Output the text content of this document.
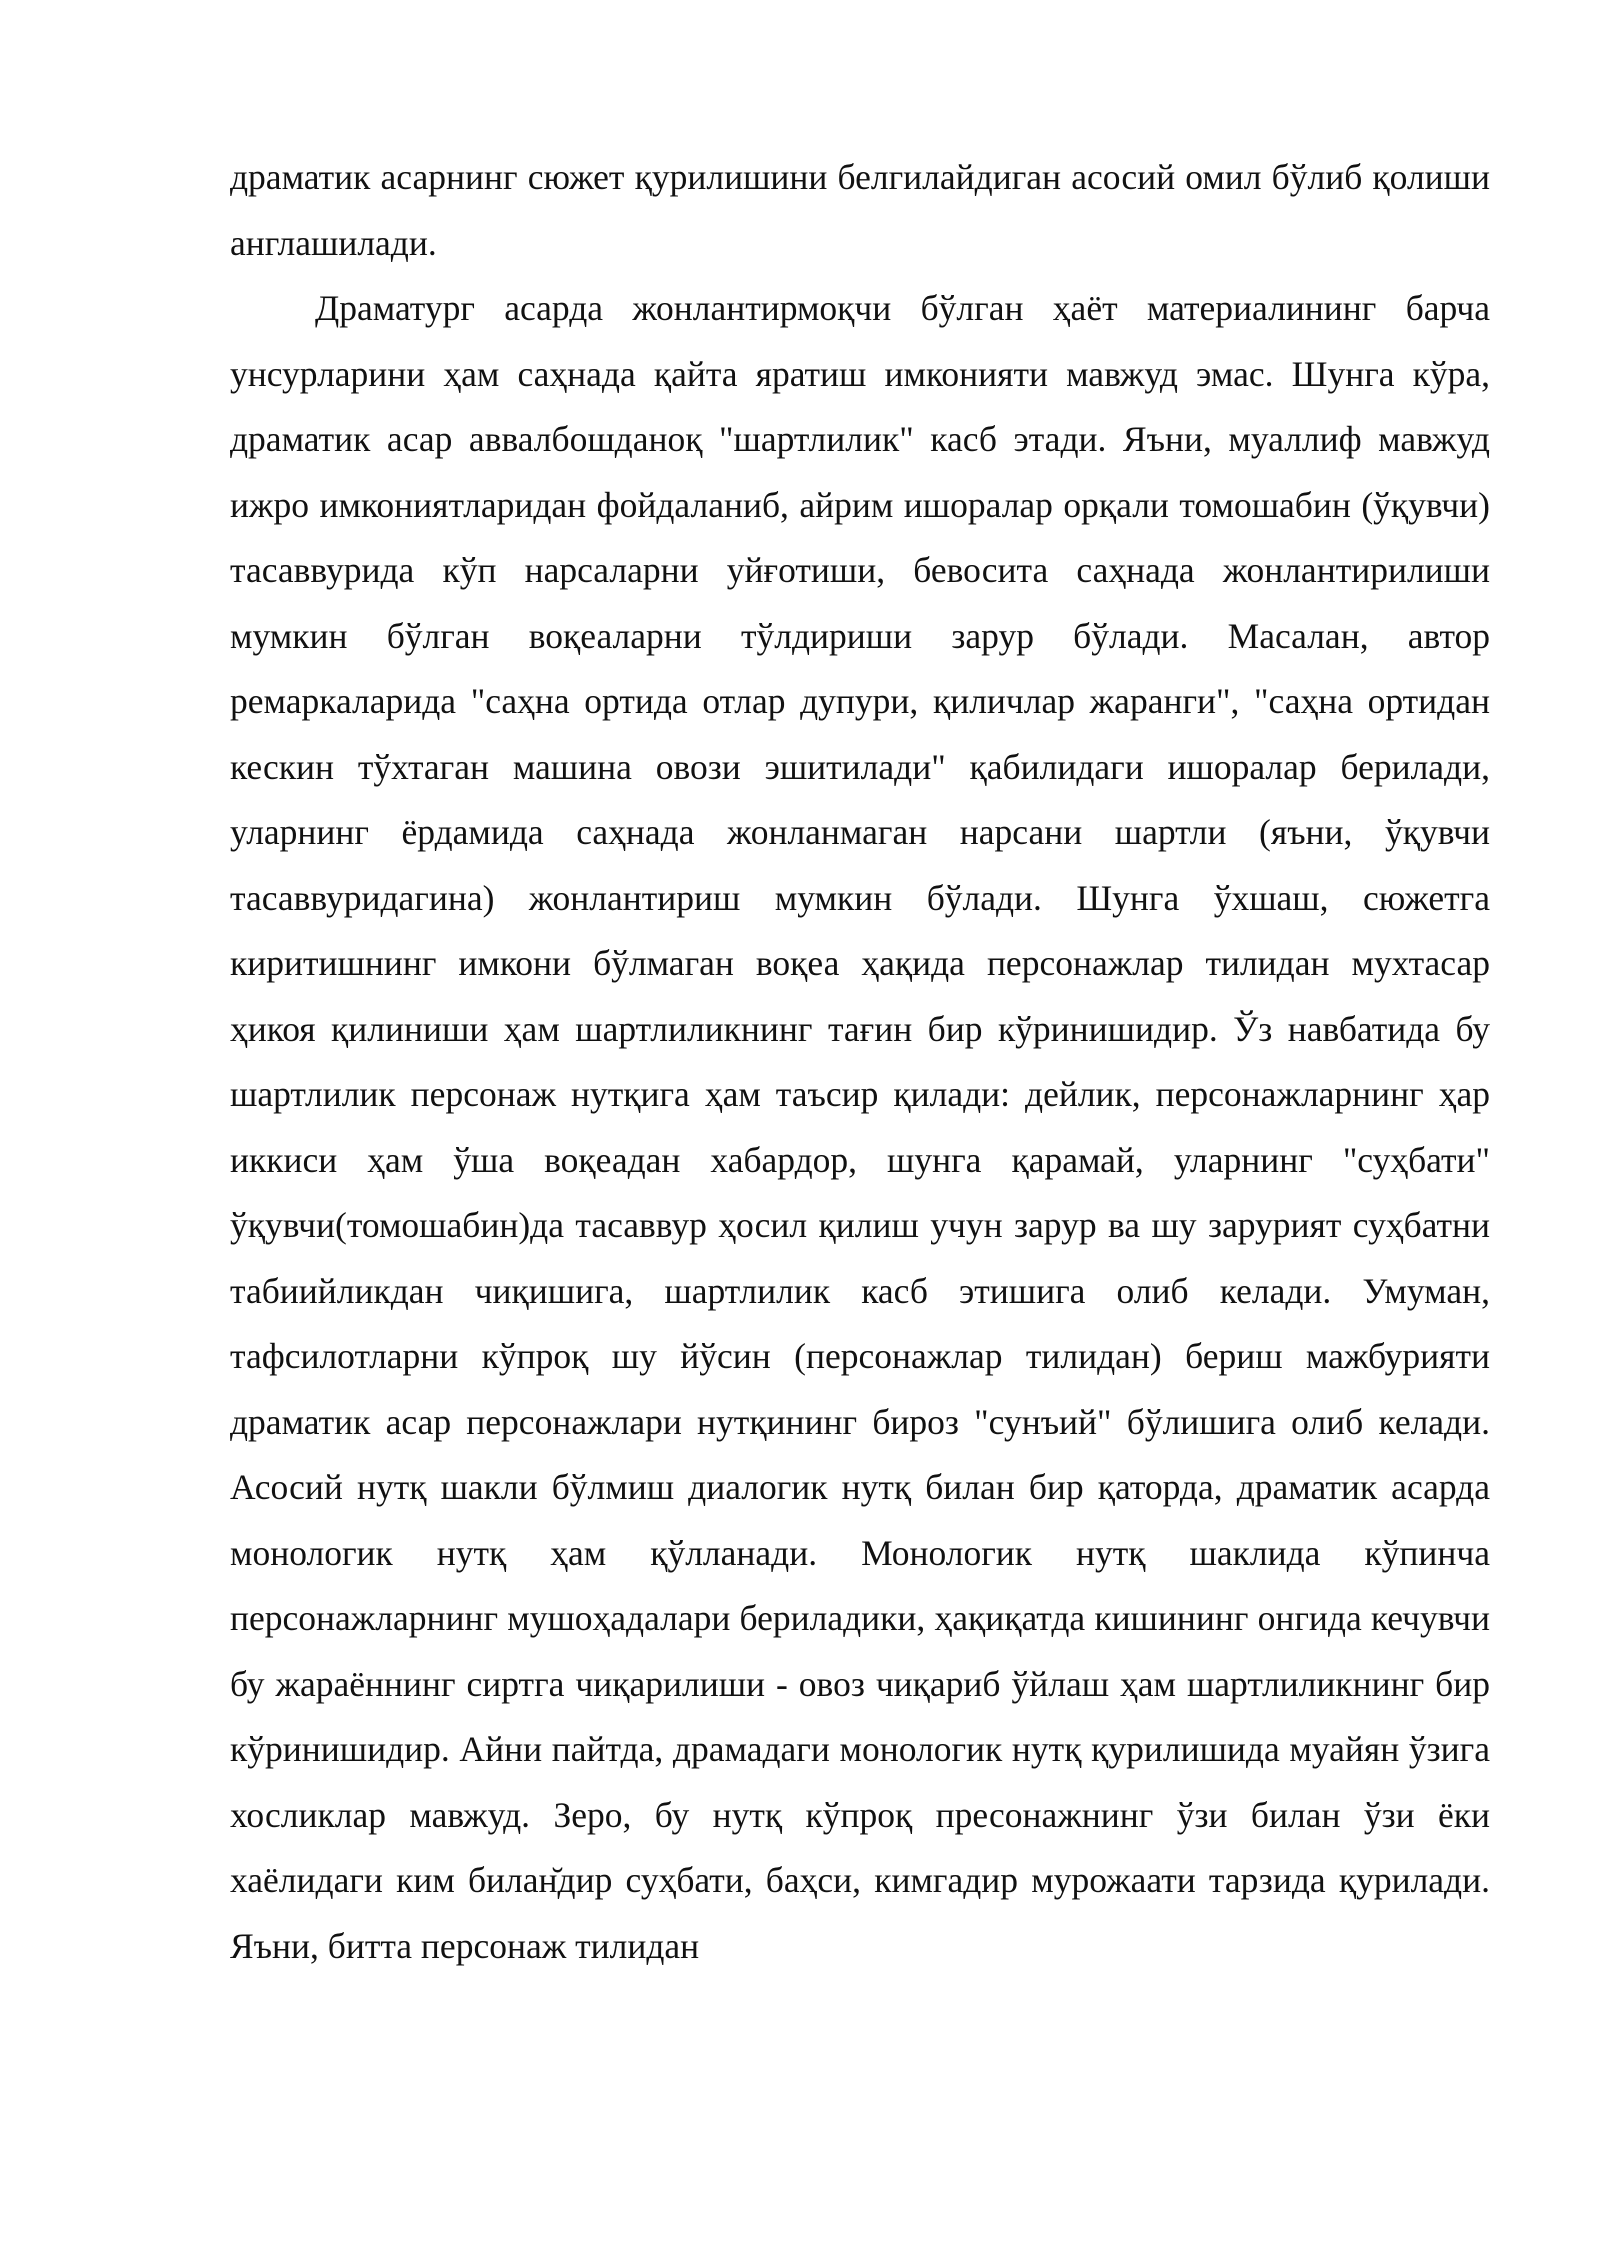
драматик асарнинг сюжет қурилишини белгилайдиган асосий омил бўлиб қолиши англашилади.

Драматург асарда жонлантирмоқчи бўлган ҳаёт материалининг барча унсурларини ҳам саҳнада қайта яратиш имконияти мавжуд эмас. Шунга кўра, драматик асар аввалбошданоқ "шартлилик" касб этади. Яъни, муаллиф мавжуд ижро имкониятларидан фойдаланиб, айрим ишоралар орқали томошабин (ўқувчи) тасаввурида кўп нарсаларни уйғотиши, бевосита саҳнада жонлантирилиши мумкин бўлган воқеаларни тўлдириши зарур бўлади. Масалан, автор ремаркаларида "саҳна ортида отлар дупури, қиличлар жаранги", "саҳна ортидан кескин тўхтаган машина овози эшитилади" қабилидаги ишоралар берилади, уларнинг ёрдамида саҳнада жонланмаган нарсани шартли (яъни, ўқувчи тасаввуридагина) жонлантириш мумкин бўлади. Шунга ўхшаш, сюжетга киритишнинг имкони бўлмаган воқеа ҳақида персонажлар тилидан мухтасар ҳикоя қилиниши ҳам шартлиликнинг тағин бир кўринишидир. Ўз навбатида бу шартлилик персонаж нутқига ҳам таъсир қилади: дейлик, персонажларнинг ҳар иккиси ҳам ўша воқеадан хабардор, шунга қарамай, уларнинг "суҳбати" ўқувчи(томошабин)да тасаввур ҳосил қилиш учун зарур ва шу зарурият суҳбатни табиийликдан чиқишига, шартлилик касб этишига олиб келади. Умуман, тафсилотларни кўпроқ шу йўсин (персонажлар тилидан) бериш мажбурияти драматик асар персонажлари нутқининг бироз "сунъий" бўлишига олиб келади. Асосий нутқ шакли бўлмиш диалогик нутқ билан бир қаторда, драматик асарда монологик нутқ ҳам қўлланади. Монологик нутқ шаклида кўпинча персонажларнинг мушоҳадалари бериладики, ҳақиқатда кишининг онгида кечувчи бу жараённинг сиртга чиқарилиши - овоз чиқариб ўйлаш ҳам шартлиликнинг бир кўринишидир. Айни пайтда, драмадаги монологик нутқ қурилишида муайян ўзига хосликлар мавжуд. Зеро, бу нутқ кўпроқ пресонажнинг ўзи билан ўзи ёки хаёлидаги ким билан̆дир суҳбати, баҳси, кимгадир мурожаати тарзида қурилади. Яъни, битта персонаж тилидан
